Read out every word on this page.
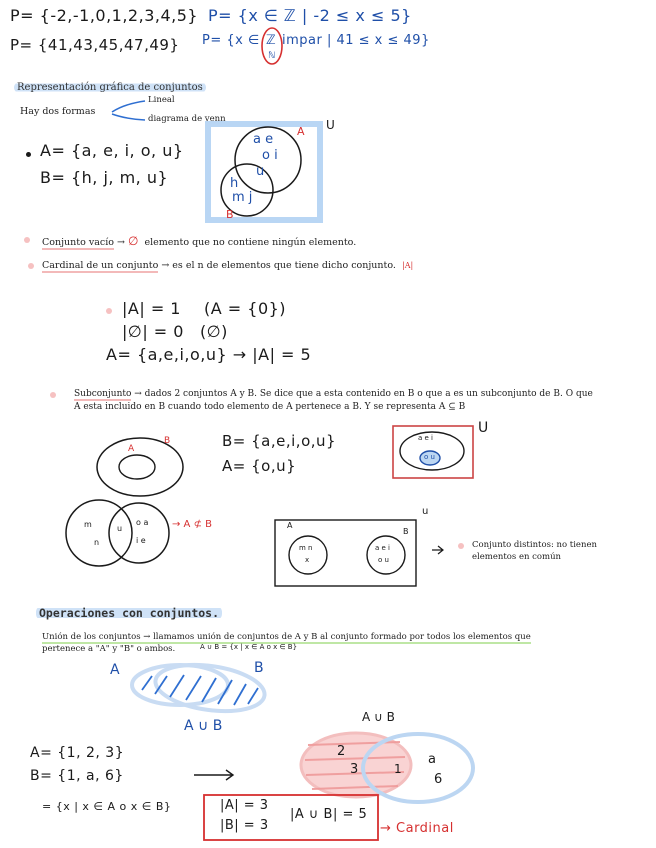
P= {-2,-1,0,1,2,3,4,5} P= {x ∈ ℤ | -2 ≤ x ≤ 5}
P= {41,43,45,47,49} P= {x ∈ ℤ
ℕ
impar | 41 ≤ x ≤ 49}
Representación gráfica de conjuntos
Hay dos formas
Lineal
diagrama de venn
A= {a, e, i, o, u}
B= {h, j, m, u}
A U
B
a e
o i
u
h
m j
Conjunto vacío → ∅ elemento que no contiene ningún elemento.
Cardinal de un conjunto → es el n de elementos que tiene dicho conjunto. |A|
|A| = 1 (A = {0})
|∅| = 0 (∅)
A= {a,e,i,o,u} → |A| = 5
Subconjunto → dados 2 conjuntos A y B. Se dice que a esta contenido en B o que a es un subconjunto de B. O que
A esta incluido en B cuando todo elemento de A pertenece a B. Y se representa A ⊆ B
A
B	B= {a,e,i,o,u}
A= {o,u}
U
a e i
o u
m
n
u
o a
i e
→ A ⊄ B	A
B
u
m n
x
a e i
o u
Conjunto distintos: no tienen
elementos en común
Operaciones con conjuntos.
Unión de los conjuntos → llamamos unión de conjuntos de A y B al conjunto formado por todos los elementos que
pertenece a "A" y "B" o ambos.	A ∪ B = {x | x ∈ A o x ∈ B}
A	B
A ∪ B
A= {1, 2, 3}
B= {1, a, 6}
= {x | x ∈ A o x ∈ B}
A ∪ B
2
3	1
a
6
|A| = 3
|B| = 3
|A ∪ B| = 5
→ Cardinal
